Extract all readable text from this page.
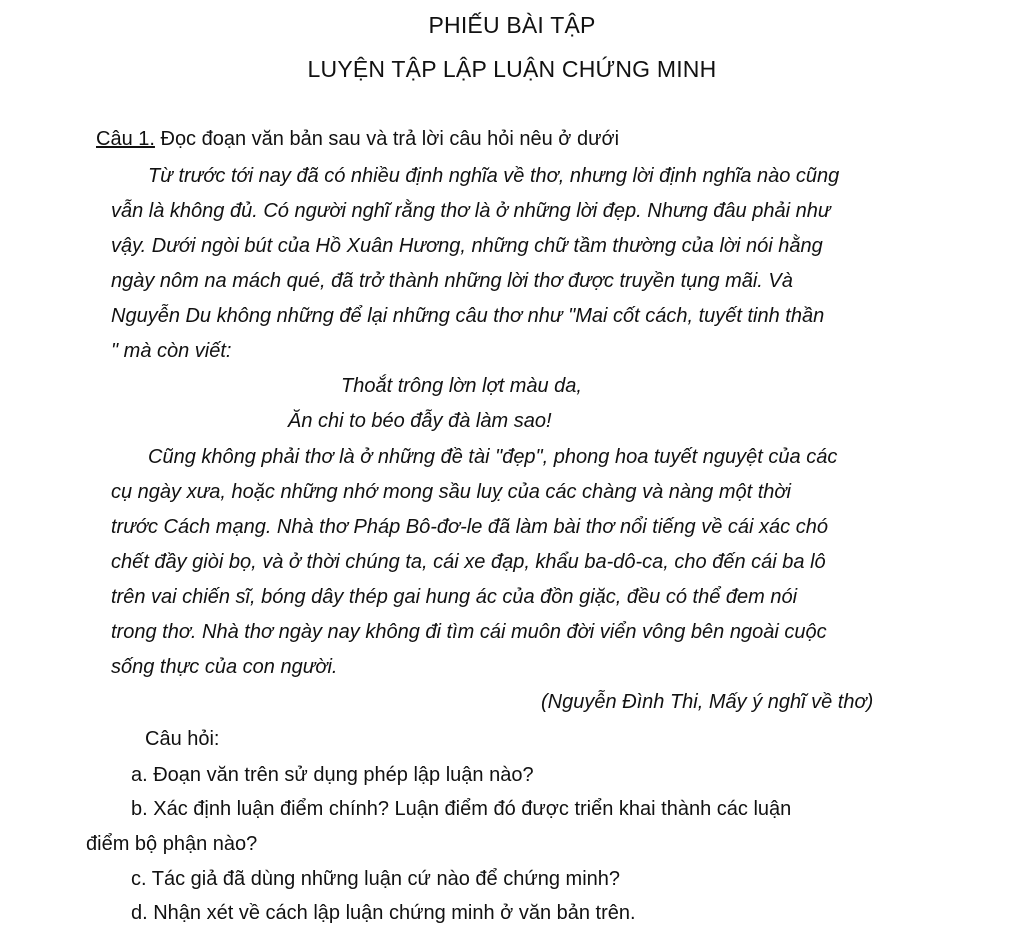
PHIẾU BÀI TẬP
LUYỆN TẬP LẬP LUẬN CHỨNG MINH
Câu 1. Đọc đoạn văn bản sau và trả lời câu hỏi nêu ở dưới
Từ trước tới nay đã có nhiều định nghĩa về thơ, nhưng lời định nghĩa nào cũng
vẫn là không đủ. Có người nghĩ rằng thơ là ở những lời đẹp. Nhưng đâu phải như
vậy. Dưới ngòi bút của Hồ Xuân Hương, những chữ tầm thường của lời nói hằng
ngày nôm na mách qué, đã trở thành những lời thơ được truyền tụng mãi. Và
Nguyễn Du không những để lại những câu thơ như "Mai cốt cách, tuyết tinh thần
" mà còn viết:
Thoắt trông lờn lợt màu da,
Ăn chi to béo đẫy đà làm sao!
Cũng không phải thơ là ở những đề tài "đẹp", phong hoa tuyết nguyệt của các
cụ ngày xưa, hoặc những nhớ mong sầu luỵ của các chàng và nàng một thời
trước Cách mạng. Nhà thơ Pháp Bô-đơ-le đã làm bài thơ nổi tiếng về cái xác chó
chết đầy giòi bọ, và ở thời chúng ta, cái xe đạp, khẩu ba-dô-ca, cho đến cái ba lô
trên vai chiến sĩ, bóng dây thép gai hung ác của đồn giặc, đều có thể đem nói
trong thơ. Nhà thơ ngày nay không đi tìm cái muôn đời viển vông bên ngoài cuộc
sống thực của con người.
(Nguyễn Đình Thi, Mấy ý nghĩ về thơ)
Câu hỏi:
a. Đoạn văn trên sử dụng phép lập luận nào?
b. Xác định luận điểm chính? Luận điểm đó được triển khai thành các luận
điểm bộ phận nào?
c. Tác giả đã dùng những luận cứ nào để chứng minh?
d. Nhận xét về cách lập luận chứng minh ở văn bản trên.
